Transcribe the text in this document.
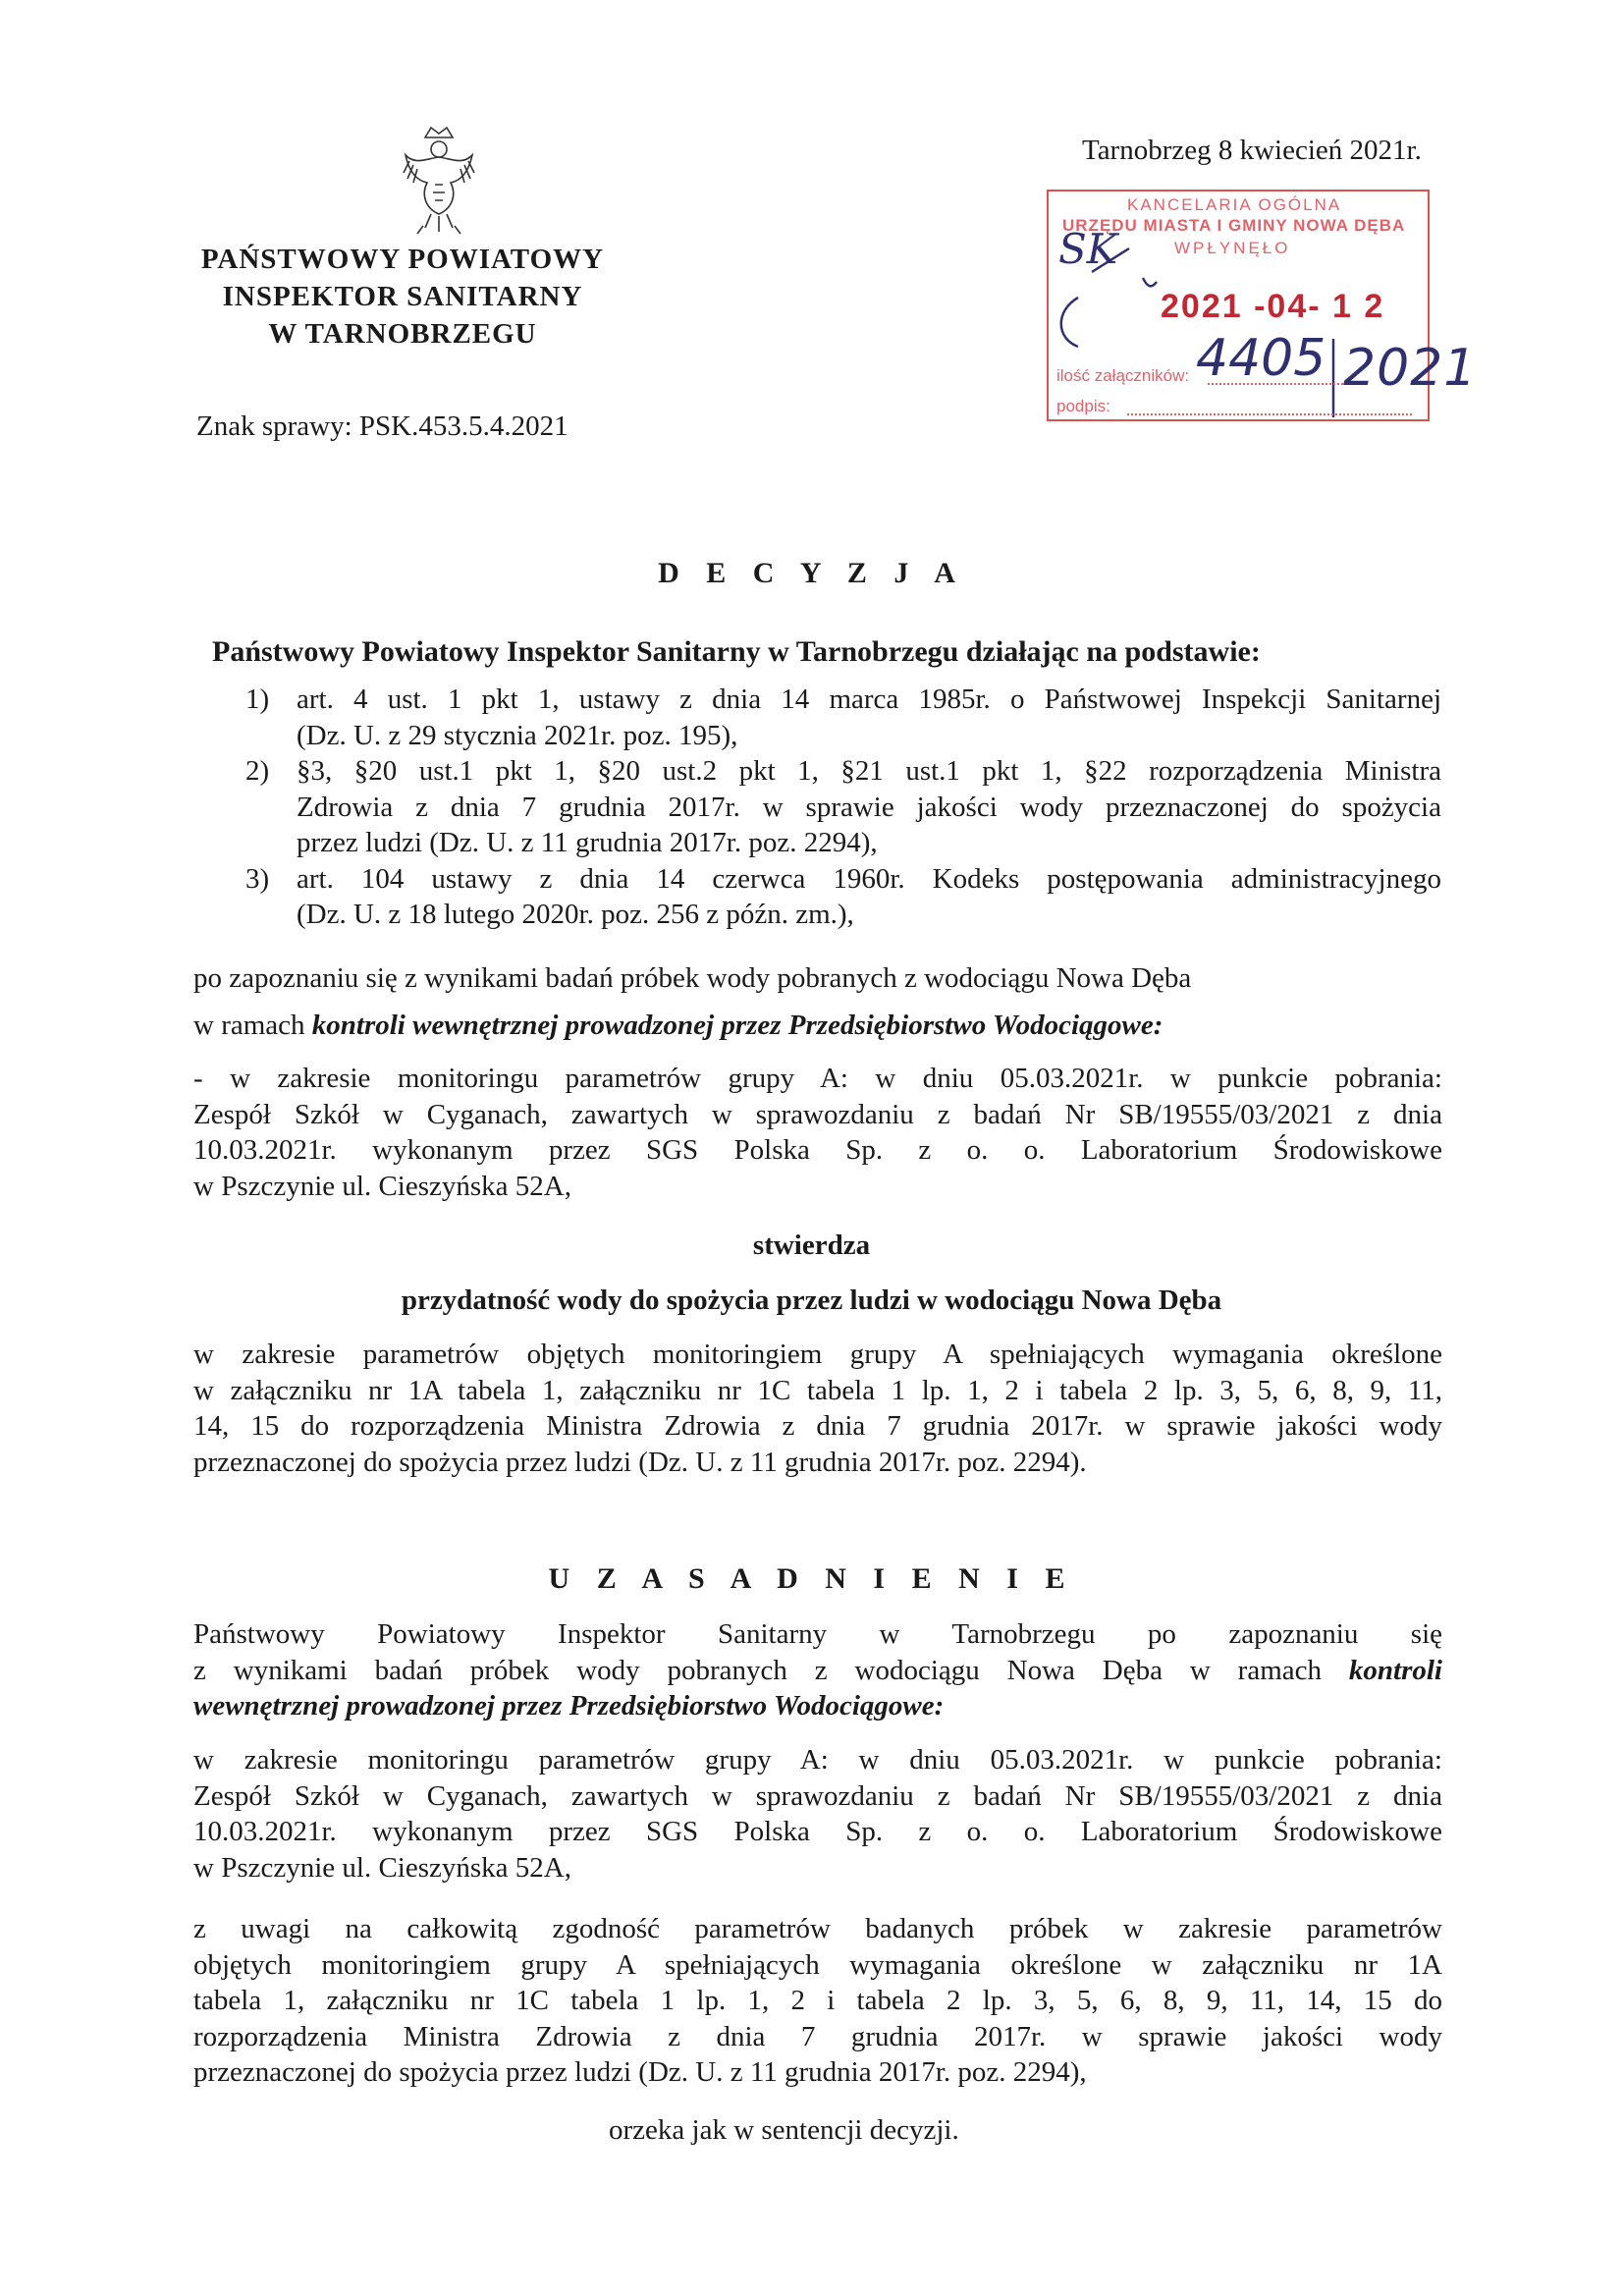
PAŃSTWOWY POWIATOWY
INSPEKTOR SANITARNY
W TARNOBRZEGU
Tarnobrzeg 8 kwiecień 2021r.
Znak sprawy: PSK.453.5.4.2021
KANCELARIA OGÓLNA
URZĘDU MIASTA I GMINY NOWA DĘBA
WPŁYNĘŁO
SK
2021 -04- 1 2
ilość załączników: 4405 2021
podpis:
D E C Y Z J A
Państwowy Powiatowy Inspektor Sanitarny w Tarnobrzegu działając na podstawie:
1) art. 4 ust. 1 pkt 1, ustawy z dnia 14 marca 1985r. o Państwowej Inspekcji Sanitarnej
(Dz. U. z 29 stycznia 2021r. poz. 195),
2) §3, §20 ust.1 pkt 1, §20 ust.2 pkt 1, §21 ust.1 pkt 1, §22 rozporządzenia Ministra
Zdrowia z dnia 7 grudnia 2017r. w sprawie jakości wody przeznaczonej do spożycia
przez ludzi (Dz. U. z 11 grudnia 2017r. poz. 2294),
3) art. 104 ustawy z dnia 14 czerwca 1960r. Kodeks postępowania administracyjnego
(Dz. U. z 18 lutego 2020r. poz. 256 z późn. zm.),
po zapoznaniu się z wynikami badań próbek wody pobranych z wodociągu Nowa Dęba
w ramach kontroli wewnętrznej prowadzonej przez Przedsiębiorstwo Wodociągowe:
- w zakresie monitoringu parametrów grupy A: w dniu 05.03.2021r. w punkcie pobrania:
Zespół Szkół w Cyganach, zawartych w sprawozdaniu z badań Nr SB/19555/03/2021 z dnia
10.03.2021r. wykonanym przez SGS Polska Sp. z o. o. Laboratorium Środowiskowe
w Pszczynie ul. Cieszyńska 52A,
stwierdza
przydatność wody do spożycia przez ludzi w wodociągu Nowa Dęba
w zakresie parametrów objętych monitoringiem grupy A spełniających wymagania określone
w załączniku nr 1A tabela 1, załączniku nr 1C tabela 1 lp. 1, 2 i tabela 2 lp. 3, 5, 6, 8, 9, 11,
14, 15 do rozporządzenia Ministra Zdrowia z dnia 7 grudnia 2017r. w sprawie jakości wody
przeznaczonej do spożycia przez ludzi (Dz. U. z 11 grudnia 2017r. poz. 2294).
U Z A S A D N I E N I E
Państwowy Powiatowy Inspektor Sanitarny w Tarnobrzegu po zapoznaniu się
z wynikami badań próbek wody pobranych z wodociągu Nowa Dęba w ramach kontroli
wewnętrznej prowadzonej przez Przedsiębiorstwo Wodociągowe:
w zakresie monitoringu parametrów grupy A: w dniu 05.03.2021r. w punkcie pobrania:
Zespół Szkół w Cyganach, zawartych w sprawozdaniu z badań Nr SB/19555/03/2021 z dnia
10.03.2021r. wykonanym przez SGS Polska Sp. z o. o. Laboratorium Środowiskowe
w Pszczynie ul. Cieszyńska 52A,
z uwagi na całkowitą zgodność parametrów badanych próbek w zakresie parametrów
objętych monitoringiem grupy A spełniających wymagania określone w załączniku nr 1A
tabela 1, załączniku nr 1C tabela 1 lp. 1, 2 i tabela 2 lp. 3, 5, 6, 8, 9, 11, 14, 15 do
rozporządzenia Ministra Zdrowia z dnia 7 grudnia 2017r. w sprawie jakości wody
przeznaczonej do spożycia przez ludzi (Dz. U. z 11 grudnia 2017r. poz. 2294),
orzeka jak w sentencji decyzji.
